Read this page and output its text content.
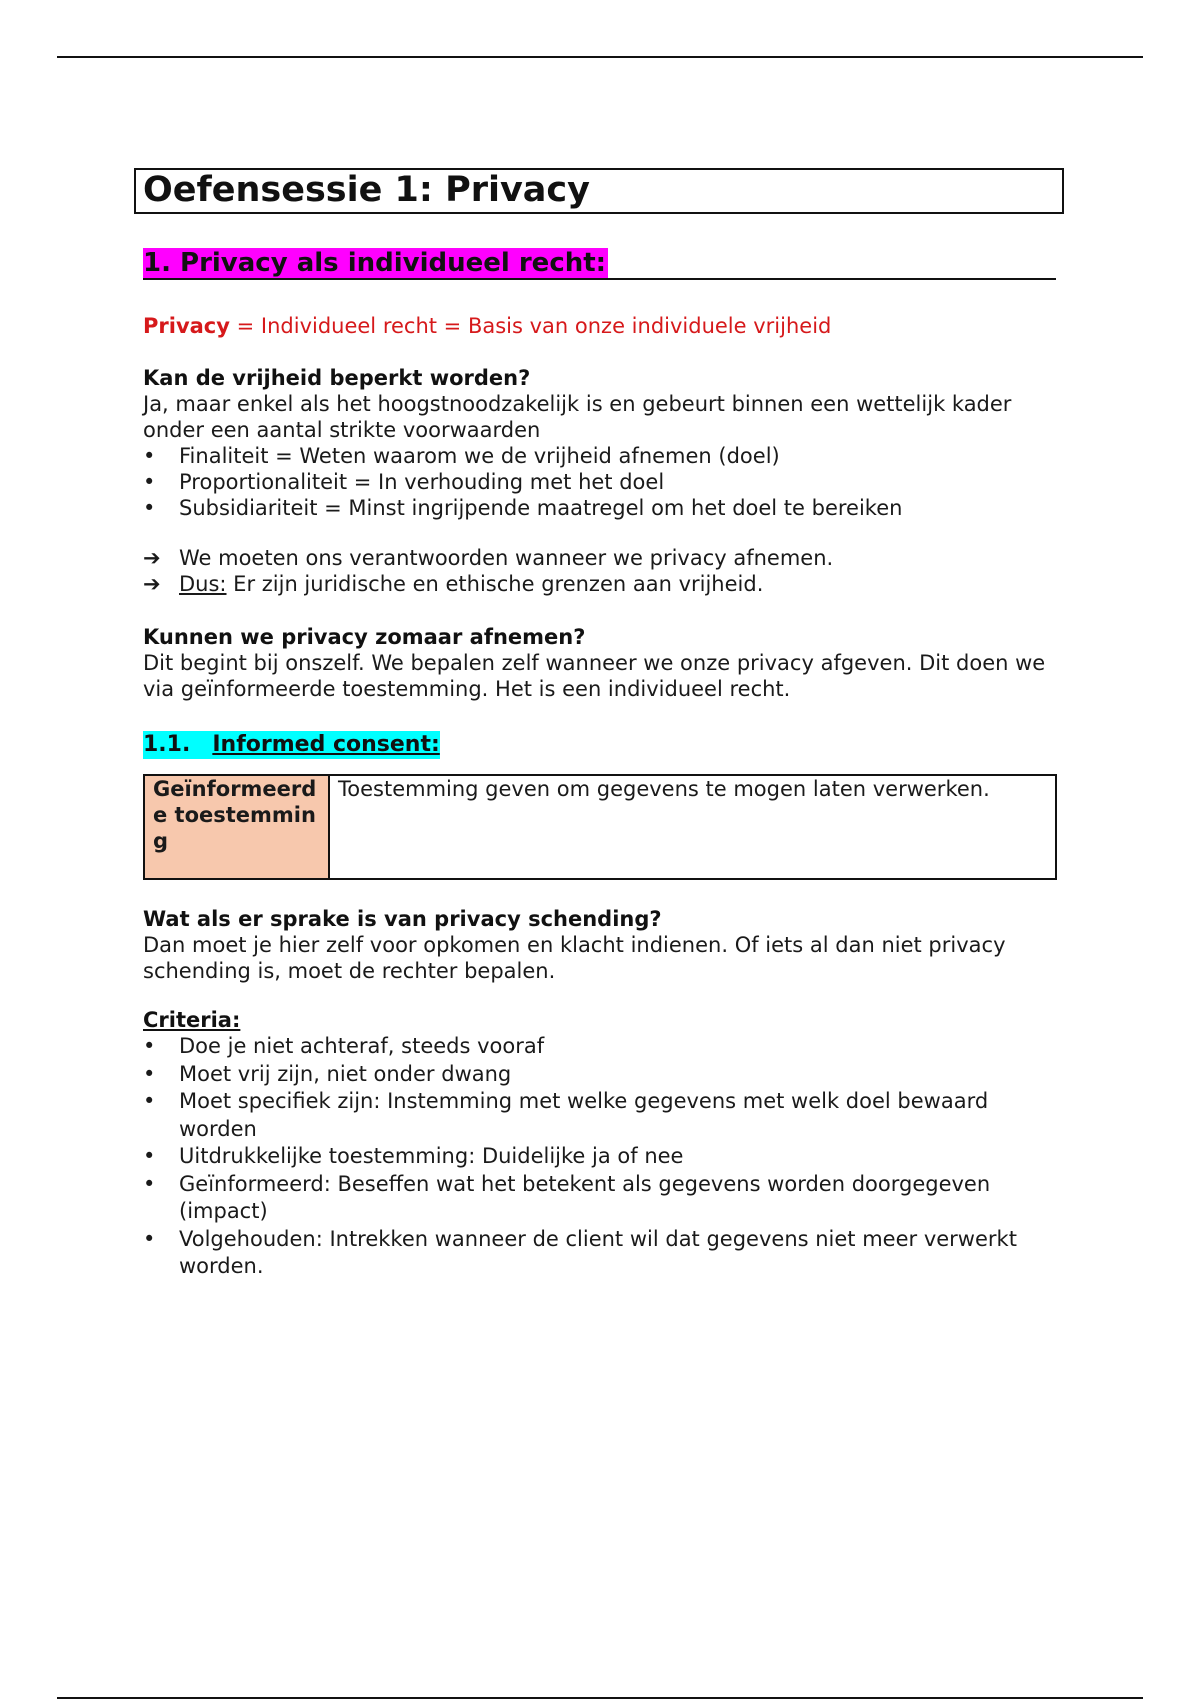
Oefensessie 1: Privacy
1. Privacy als individueel recht:
Privacy = Individueel recht = Basis van onze individuele vrijheid
Kan de vrijheid beperkt worden?
Ja, maar enkel als het hoogstnoodzakelijk is en gebeurt binnen een wettelijk kader onder een aantal strikte voorwaarden
• Finaliteit = Weten waarom we de vrijheid afnemen (doel)
• Proportionaliteit = In verhouding met het doel
• Subsidiariteit = Minst ingrijpende maatregel om het doel te bereiken
➔ We moeten ons verantwoorden wanneer we privacy afnemen.
➔ Dus: Er zijn juridische en ethische grenzen aan vrijheid.
Kunnen we privacy zomaar afnemen?
Dit begint bij onszelf. We bepalen zelf wanneer we onze privacy afgeven. Dit doen we via geïnformeerde toestemming. Het is een individueel recht.
1.1. Informed consent:
Geïnformeerde toestemming
Toestemming geven om gegevens te mogen laten verwerken.
Wat als er sprake is van privacy schending?
Dan moet je hier zelf voor opkomen en klacht indienen. Of iets al dan niet privacy schending is, moet de rechter bepalen.
Criteria:
• Doe je niet achteraf, steeds vooraf
• Moet vrij zijn, niet onder dwang
• Moet specifiek zijn: Instemming met welke gegevens met welk doel bewaard worden
• Uitdrukkelijke toestemming: Duidelijke ja of nee
• Geïnformeerd: Beseffen wat het betekent als gegevens worden doorgegeven (impact)
• Volgehouden: Intrekken wanneer de client wil dat gegevens niet meer verwerkt worden.
